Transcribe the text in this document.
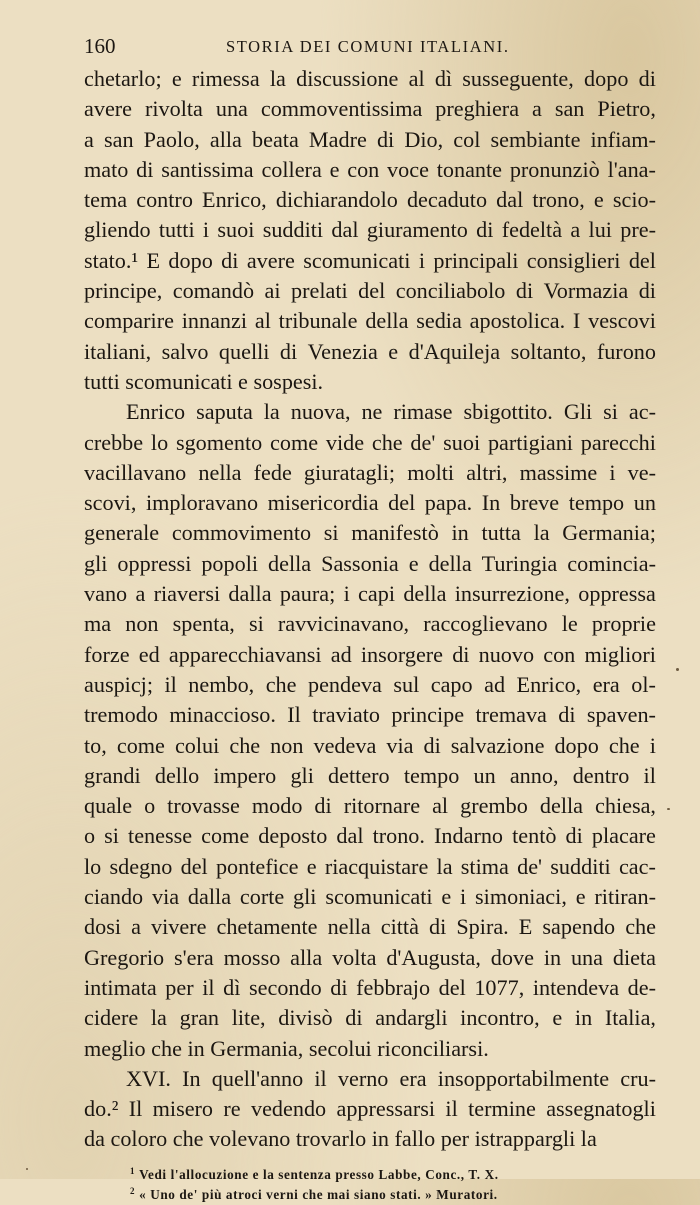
160	STORIA DEI COMUNI ITALIANI.
chetarlo; e rimessa la discussione al dì susseguente, dopo di
avere rivolta una commoventissima preghiera a san Pietro,
a san Paolo, alla beata Madre di Dio, col sembiante infiam-
mato di santissima collera e con voce tonante pronunziò l'ana-
tema contro Enrico, dichiarandolo decaduto dal trono, e scio-
gliendo tutti i suoi sudditi dal giuramento di fedeltà a lui pre-
stato.¹ E dopo di avere scomunicati i principali consiglieri del
principe, comandò ai prelati del conciliabolo di Vormazia di
comparire innanzi al tribunale della sedia apostolica. I vescovi
italiani, salvo quelli di Venezia e d'Aquileja soltanto, furono
tutti scomunicati e sospesi.
Enrico saputa la nuova, ne rimase sbigottito. Gli si ac-
crebbe lo sgomento come vide che de' suoi partigiani parecchi
vacillavano nella fede giuratagli; molti altri, massime i ve-
scovi, imploravano misericordia del papa. In breve tempo un
generale commovimento si manifestò in tutta la Germania;
gli oppressi popoli della Sassonia e della Turingia comincia-
vano a riaversi dalla paura; i capi della insurrezione, oppressa
ma non spenta, si ravvicinavano, raccoglievano le proprie
forze ed apparecchiavansi ad insorgere di nuovo con migliori
auspicj; il nembo, che pendeva sul capo ad Enrico, era ol-
tremodo minaccioso. Il traviato principe tremava di spaven-
to, come colui che non vedeva via di salvazione dopo che i
grandi dello impero gli dettero tempo un anno, dentro il
quale o trovasse modo di ritornare al grembo della chiesa,
o si tenesse come deposto dal trono. Indarno tentò di placare
lo sdegno del pontefice e riacquistare la stima de' sudditi cac-
ciando via dalla corte gli scomunicati e i simoniaci, e ritiran-
dosi a vivere chetamente nella città di Spira. E sapendo che
Gregorio s'era mosso alla volta d'Augusta, dove in una dieta
intimata per il dì secondo di febbrajo del 1077, intendeva de-
cidere la gran lite, divisò di andargli incontro, e in Italia,
meglio che in Germania, secolui riconciliarsi.
XVI. In quell'anno il verno era insopportabilmente cru-
do.² Il misero re vedendo appressarsi il termine assegnatogli
da coloro che volevano trovarlo in fallo per istrappargli la
$^1$ Vedi l'allocuzione e la sentenza presso Labbe, Conc., T. X.
$^2$ « Uno de' più atroci verni che mai siano stati. » Muratori.
